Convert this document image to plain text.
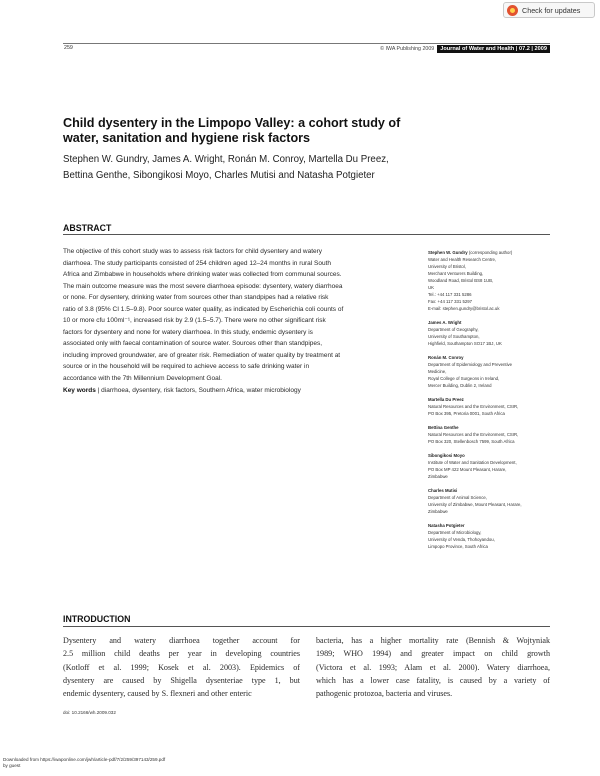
Check for updates
259	© IWA Publishing 2009	Journal of Water and Health | 07.2 | 2009
Child dysentery in the Limpopo Valley: a cohort study of
water, sanitation and hygiene risk factors
Stephen W. Gundry, James A. Wright, Ronán M. Conroy, Martella Du Preez,
Bettina Genthe, Sibongikosi Moyo, Charles Mutisi and Natasha Potgieter
ABSTRACT
The objective of this cohort study was to assess risk factors for child dysentery and watery
diarrhoea. The study participants consisted of 254 children aged 12–24 months in rural South
Africa and Zimbabwe in households where drinking water was collected from communal sources.
The main outcome measure was the most severe diarrhoea episode: dysentery, watery diarrhoea
or none. For dysentery, drinking water from sources other than standpipes had a relative risk
ratio of 3.8 (95% CI 1.5–9.8). Poor source water quality, as indicated by Escherichia coli counts of
10 or more cfu 100ml⁻¹, increased risk by 2.9 (1.5–5.7). There were no other significant risk
factors for dysentery and none for watery diarrhoea. In this study, endemic dysentery is
associated only with faecal contamination of source water. Sources other than standpipes,
including improved groundwater, are of greater risk. Remediation of water quality by treatment at
source or in the household will be required to achieve access to safe drinking water in
accordance with the 7th Millennium Development Goal.
Key words | diarrhoea, dysentery, risk factors, Southern Africa, water microbiology
Stephen W. Gundry (corresponding author)
Water and Health Research Centre,
University of Bristol,
Merchant Venturers Building,
Woodland Road, Bristol BS8 1UB,
UK
Tel.: +44 117 331 5286
Fax: +44 117 331 5297
E-mail: stephen.gundry@bristol.ac.uk
James A. Wright
Department of Geography,
University of Southampton,
Highfield, Southampton SO17 1BJ, UK
Ronán M. Conroy
Department of Epidemiology and Preventive
Medicine,
Royal College of Surgeons in Ireland,
Mercer Building, Dublin 2, Ireland
Martella Du Preez
Natural Resources and the Environment, CSIR,
PO Box 395, Pretoria 0001, South Africa
Bettina Genthe
Natural Resources and the Environment, CSIR,
PO Box 320, Stellenbosch 7599, South Africa
Sibongikosi Moyo
Institute of Water and Sanitation Development,
PO Box MP 422 Mount Pleasant, Harare,
Zimbabwe
Charles Mutisi
Department of Animal Science,
University of Zimbabwe, Mount Pleasant, Harare,
Zimbabwe
Natasha Potgieter
Department of Microbiology,
University of Venda, Thohoyandou,
Limpopo Province, South Africa
INTRODUCTION
Dysentery and watery diarrhoea together account for
2.5 million child deaths per year in developing countries
(Kotloff et al. 1999; Kosek et al. 2003). Epidemics of
dysentery are caused by Shigella dysenteriae type 1, but
endemic dysentery, caused by S. flexneri and other enteric
bacteria, has a higher mortality rate (Bennish & Wojtyniak
1989; WHO 1994) and greater impact on child growth
(Victora et al. 1993; Alam et al. 2000). Watery diarrhoea,
which has a lower case fatality, is caused by a variety of
pathogenic protozoa, bacteria and viruses.
doi: 10.2166/wh.2009.032
Downloaded from https://iwaponline.com/jwh/article-pdf/7/2/259/397143/259.pdf
by guest
